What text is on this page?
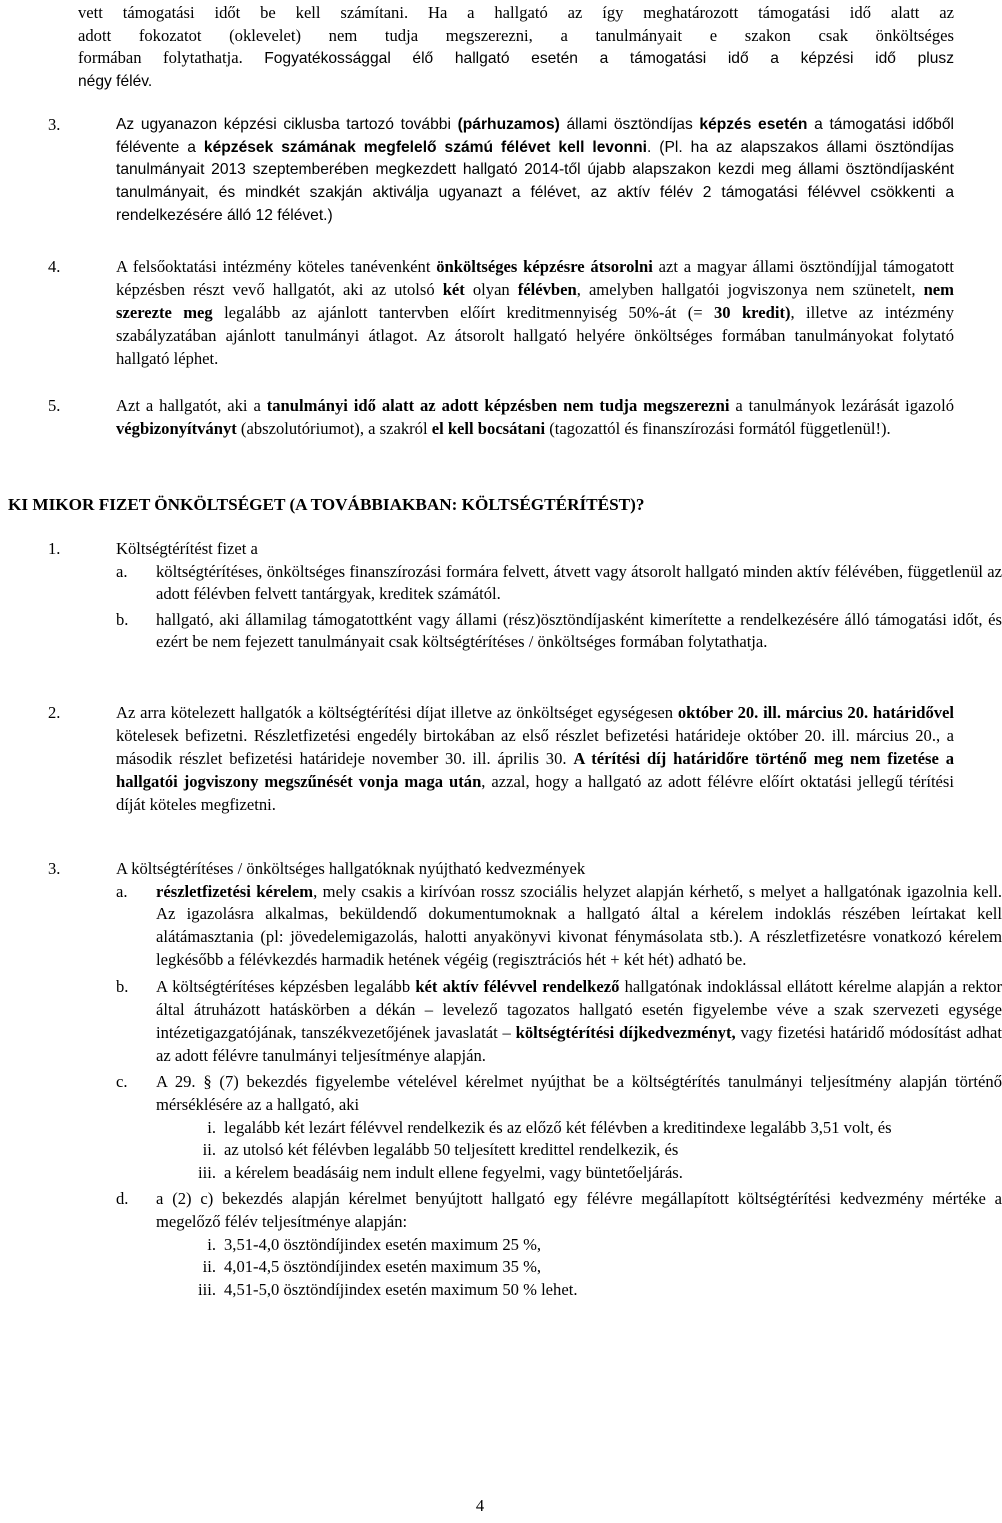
vett támogatási időt be kell számítani. Ha a hallgató az így meghatározott támogatási idő alatt az
adott fokozatot (oklevelet) nem tudja megszerezni, a tanulmányait e szakon csak önköltséges
formában folytathatja. Fogyatékossággal élő hallgató esetén a támogatási idő a képzési idő plusz
négy félév.
3.	Az ugyanazon képzési ciklusba tartozó további (párhuzamos) állami ösztöndíjas képzés esetén a támogatási időből félévente a képzések számának megfelelő számú félévet kell levonni. (Pl. ha az alapszakos állami ösztöndíjas tanulmányait 2013 szeptemberében megkezdett hallgató 2014-től újabb alapszakon kezdi meg állami ösztöndíjasként tanulmányait, és mindkét szakján aktiválja ugyanazt a félévet, az aktív félév 2 támogatási félévvel csökkenti a rendelkezésére álló 12 félévet.)
4.	A felsőoktatási intézmény köteles tanévenként önköltséges képzésre átsorolni azt a magyar állami ösztöndíjjal támogatott képzésben részt vevő hallgatót, aki az utolsó két olyan félévben, amelyben hallgatói jogviszonya nem szünetelt, nem szerezte meg legalább az ajánlott tantervben előírt kreditmennyiség 50%-át (= 30 kredit), illetve az intézmény szabályzatában ajánlott tanulmányi átlagot. Az átsorolt hallgató helyére önköltséges formában tanulmányokat folytató hallgató léphet.
5.	Azt a hallgatót, aki a tanulmányi idő alatt az adott képzésben nem tudja megszerezni a tanulmányok lezárását igazoló végbizonyítványt (abszolutóriumot), a szakról el kell bocsátani (tagozattól és finanszírozási formától függetlenül!).
KI MIKOR FIZET ÖNKÖLTSÉGET (A TOVÁBBIAKBAN: KÖLTSÉGTÉRÍTÉST)?
1.	Költségtérítést fizet a
a. költségtérítéses, önköltséges finanszírozási formára felvett, átvett vagy átsorolt hallgató minden aktív félévében, függetlenül az adott félévben felvett tantárgyak, kreditek számától.
b. hallgató, aki államilag támogatottként vagy állami (rész)ösztöndíjasként kimerítette a rendelkezésére álló támogatási időt, és ezért be nem fejezett tanulmányait csak költségtérítéses / önköltséges formában folytathatja.
2.	Az arra kötelezett hallgatók a költségtérítési díjat illetve az önköltséget egységesen október 20. ill. március 20. határidővel kötelesek befizetni. Részletfizetési engedély birtokában az első részlet befizetési határideje október 20. ill. március 20., a második részlet befizetési határideje november 30. ill. április 30. A térítési díj határidőre történő meg nem fizetése a hallgatói jogviszony megszűnését vonja maga után, azzal, hogy a hallgató az adott félévre előírt oktatási jellegű térítési díját köteles megfizetni.
3.	A költségtérítéses / önköltséges hallgatóknak nyújtható kedvezmények
a. részletfizetési kérelem, mely csakis a kirívóan rossz szociális helyzet alapján kérhető, s melyet a hallgatónak igazolnia kell. Az igazolásra alkalmas, beküldendő dokumentumoknak a hallgató által a kérelem indoklás részében leírtakat kell alátámasztania (pl: jövedelemigazolás, halotti anyakönyvi kivonat fénymásolata stb.). A részletfizetésre vonatkozó kérelem legkésőbb a félévkezdés harmadik hetének végéig (regisztrációs hét + két hét) adható be.
b. A költségtérítéses képzésben legalább két aktív félévvel rendelkező hallgatónak indoklással ellátott kérelme alapján a rektor által átruházott hatáskörben a dékán – levelező tagozatos hallgató esetén figyelembe véve a szak szervezeti egysége intézetigazgatójának, tanszékvezetőjének javaslatát – költségtérítési díjkedvezményt, vagy fizetési határidő módosítást adhat az adott félévre tanulmányi teljesítménye alapján.
c. A 29. § (7) bekezdés figyelembe vételével kérelmet nyújthat be a költségtérítés tanulmányi teljesítmény alapján történő mérséklésére az a hallgató, aki
i. legalább két lezárt félévvel rendelkezik és az előző két félévben a kreditindexe legalább 3,51 volt, és
ii. az utolsó két félévben legalább 50 teljesített kredittel rendelkezik, és
iii. a kérelem beadásáig nem indult ellene fegyelmi, vagy büntetőeljárás.
d. a (2) c) bekezdés alapján kérelmet benyújtott hallgató egy félévre megállapított költségtérítési kedvezmény mértéke a megelőző félév teljesítménye alapján:
i. 3,51-4,0 ösztöndíjindex esetén maximum 25 %,
ii. 4,01-4,5 ösztöndíjindex esetén maximum 35 %,
iii. 4,51-5,0 ösztöndíjindex esetén maximum 50 % lehet.
4
